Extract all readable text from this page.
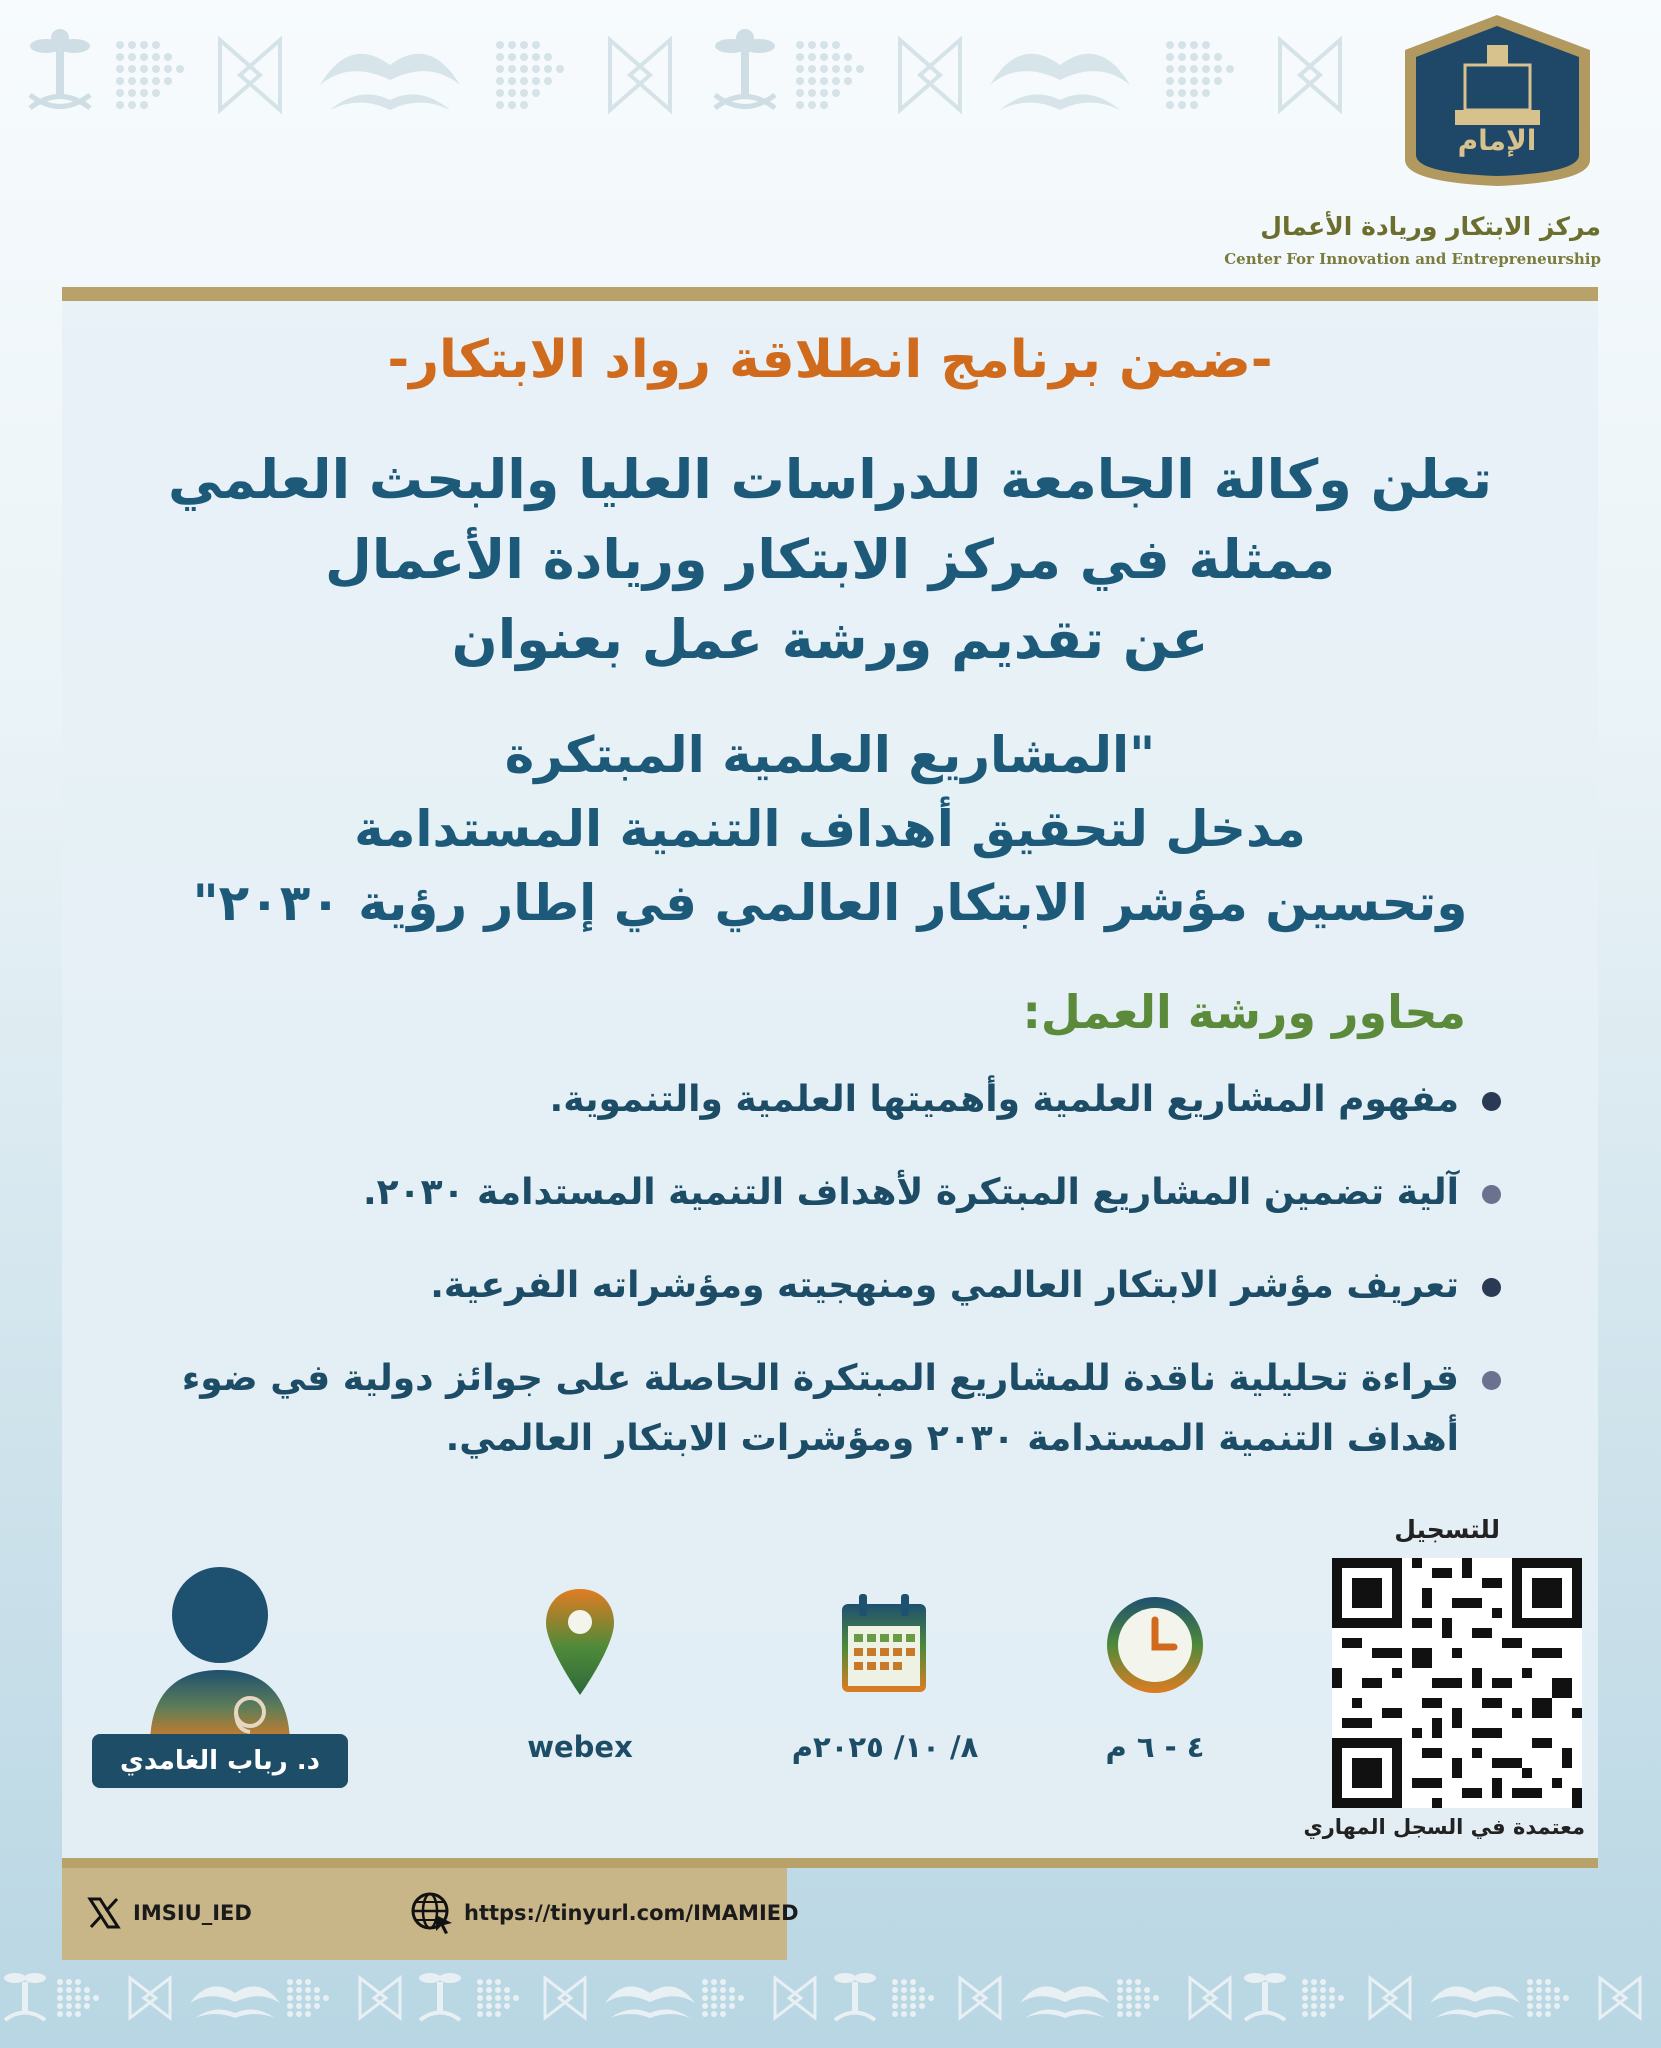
الإمام
مركز الابتكار وريادة الأعمال
Center For Innovation and Entrepreneurship
-ضمن برنامج انطلاقة رواد الابتكار-
تعلن وكالة الجامعة للدراسات العليا والبحث العلمي
ممثلة في مركز الابتكار وريادة الأعمال
عن تقديم ورشة عمل بعنوان
"المشاريع العلمية المبتكرة
مدخل لتحقيق أهداف التنمية المستدامة
وتحسين مؤشر الابتكار العالمي في إطار رؤية ٢٠٣٠"
محاور ورشة العمل:
مفهوم المشاريع العلمية وأهميتها العلمية والتنموية.
آلية تضمين المشاريع المبتكرة لأهداف التنمية المستدامة ٢٠٣٠.
تعريف مؤشر الابتكار العالمي ومنهجيته ومؤشراته الفرعية.
قراءة تحليلية ناقدة للمشاريع المبتكرة الحاصلة على جوائز دولية في ضوء أهداف التنمية المستدامة ٢٠٣٠ ومؤشرات الابتكار العالمي.
للتسجيل
معتمدة في السجل المهاري
٤ - ٦ م
٨/ ١٠/ ٢٠٢٥م
webex
د. رباب الغامدي
IMSIU_IED	https://tinyurl.com/IMAMIED
